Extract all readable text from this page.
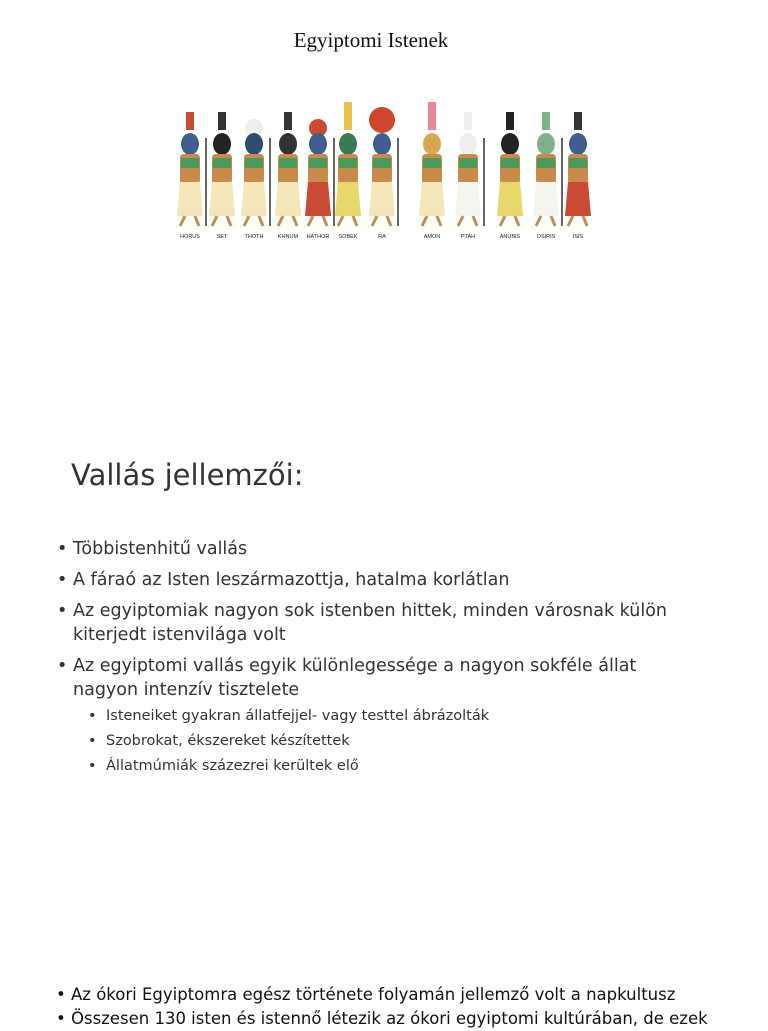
Egyiptomi Istenek
HORUS	SET	THOTH	KHNUM HATHOR SOBEK	RA	AMON	PTAH	ANUBIS	OSIRIS	ISIS
Vallás jellemzői:
• Többistenhitű vallás
• A fáraó az Isten leszármazottja, hatalma korlátlan
• Az egyiptomiak nagyon sok istenben hittek, minden városnak külön kiterjedt istenvilága volt
• Az egyiptomi vallás egyik különlegessége a nagyon sokféle állat nagyon intenzív tisztelete
• Isteneiket gyakran állatfejjel- vagy testtel ábrázolták
• Szobrokat, ékszereket készítettek
• Állatmúmiák százezrei kerültek elő
• Az ókori Egyiptomra egész története folyamán jellemző volt a napkultusz
• Összesen 130 isten és istennő létezik az ókori egyiptomi kultúrában, de ezek
